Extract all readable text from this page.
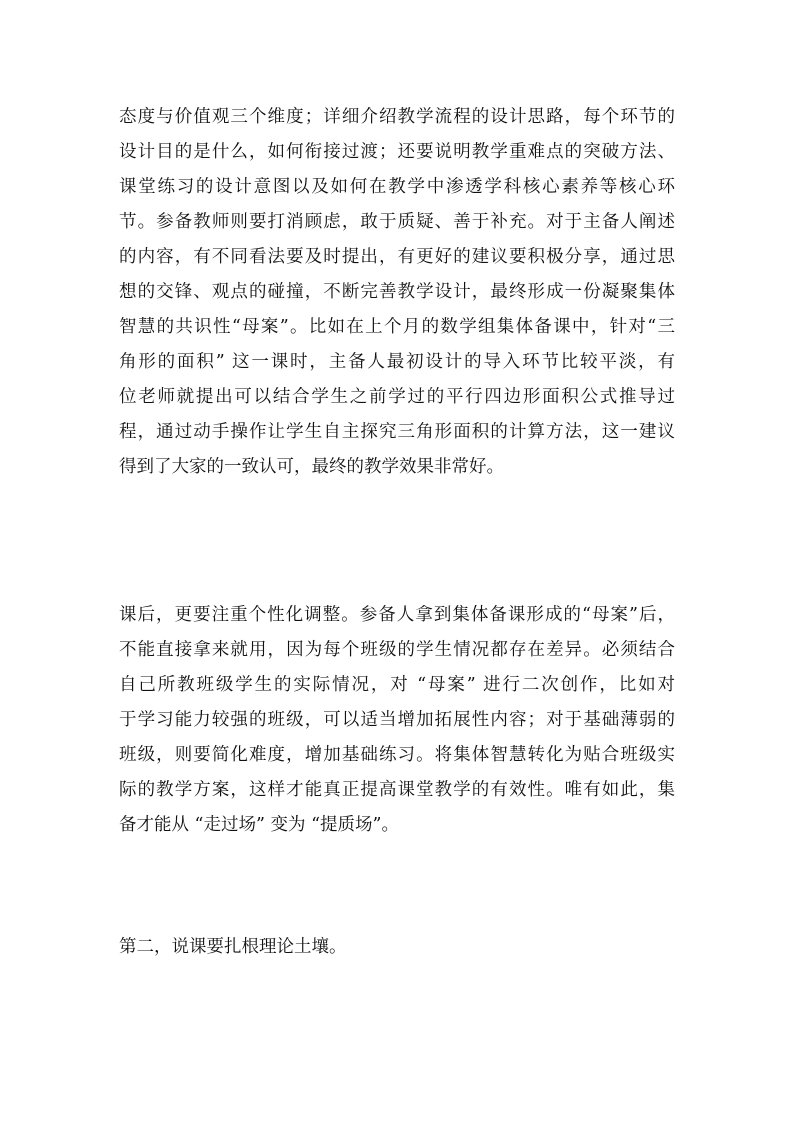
态度与价值观三个维度；详细介绍教学流程的设计思路，每个环节的
设计目的是什么，如何衔接过渡；还要说明教学重难点的突破方法、
课堂练习的设计意图以及如何在教学中渗透学科核心素养等核心环
节。参备教师则要打消顾虑，敢于质疑、善于补充。对于主备人阐述
的内容，有不同看法要及时提出，有更好的建议要积极分享，通过思
想的交锋、观点的碰撞，不断完善教学设计，最终形成一份凝聚集体
智慧的共识性“母案”。比如在上个月的数学组集体备课中，针对“三
角形的面积” 这一课时，主备人最初设计的导入环节比较平淡，有
位老师就提出可以结合学生之前学过的平行四边形面积公式推导过
程，通过动手操作让学生自主探究三角形面积的计算方法，这一建议
得到了大家的一致认可，最终的教学效果非常好。
课后，更要注重个性化调整。参备人拿到集体备课形成的“母案”后，
不能直接拿来就用，因为每个班级的学生情况都存在差异。必须结合
自己所教班级学生的实际情况，对 “母案” 进行二次创作，比如对
于学习能力较强的班级，可以适当增加拓展性内容；对于基础薄弱的
班级，则要简化难度，增加基础练习。将集体智慧转化为贴合班级实
际的教学方案，这样才能真正提高课堂教学的有效性。唯有如此，集
备才能从 “走过场” 变为 “提质场”。
第二，说课要扎根理论土壤。
